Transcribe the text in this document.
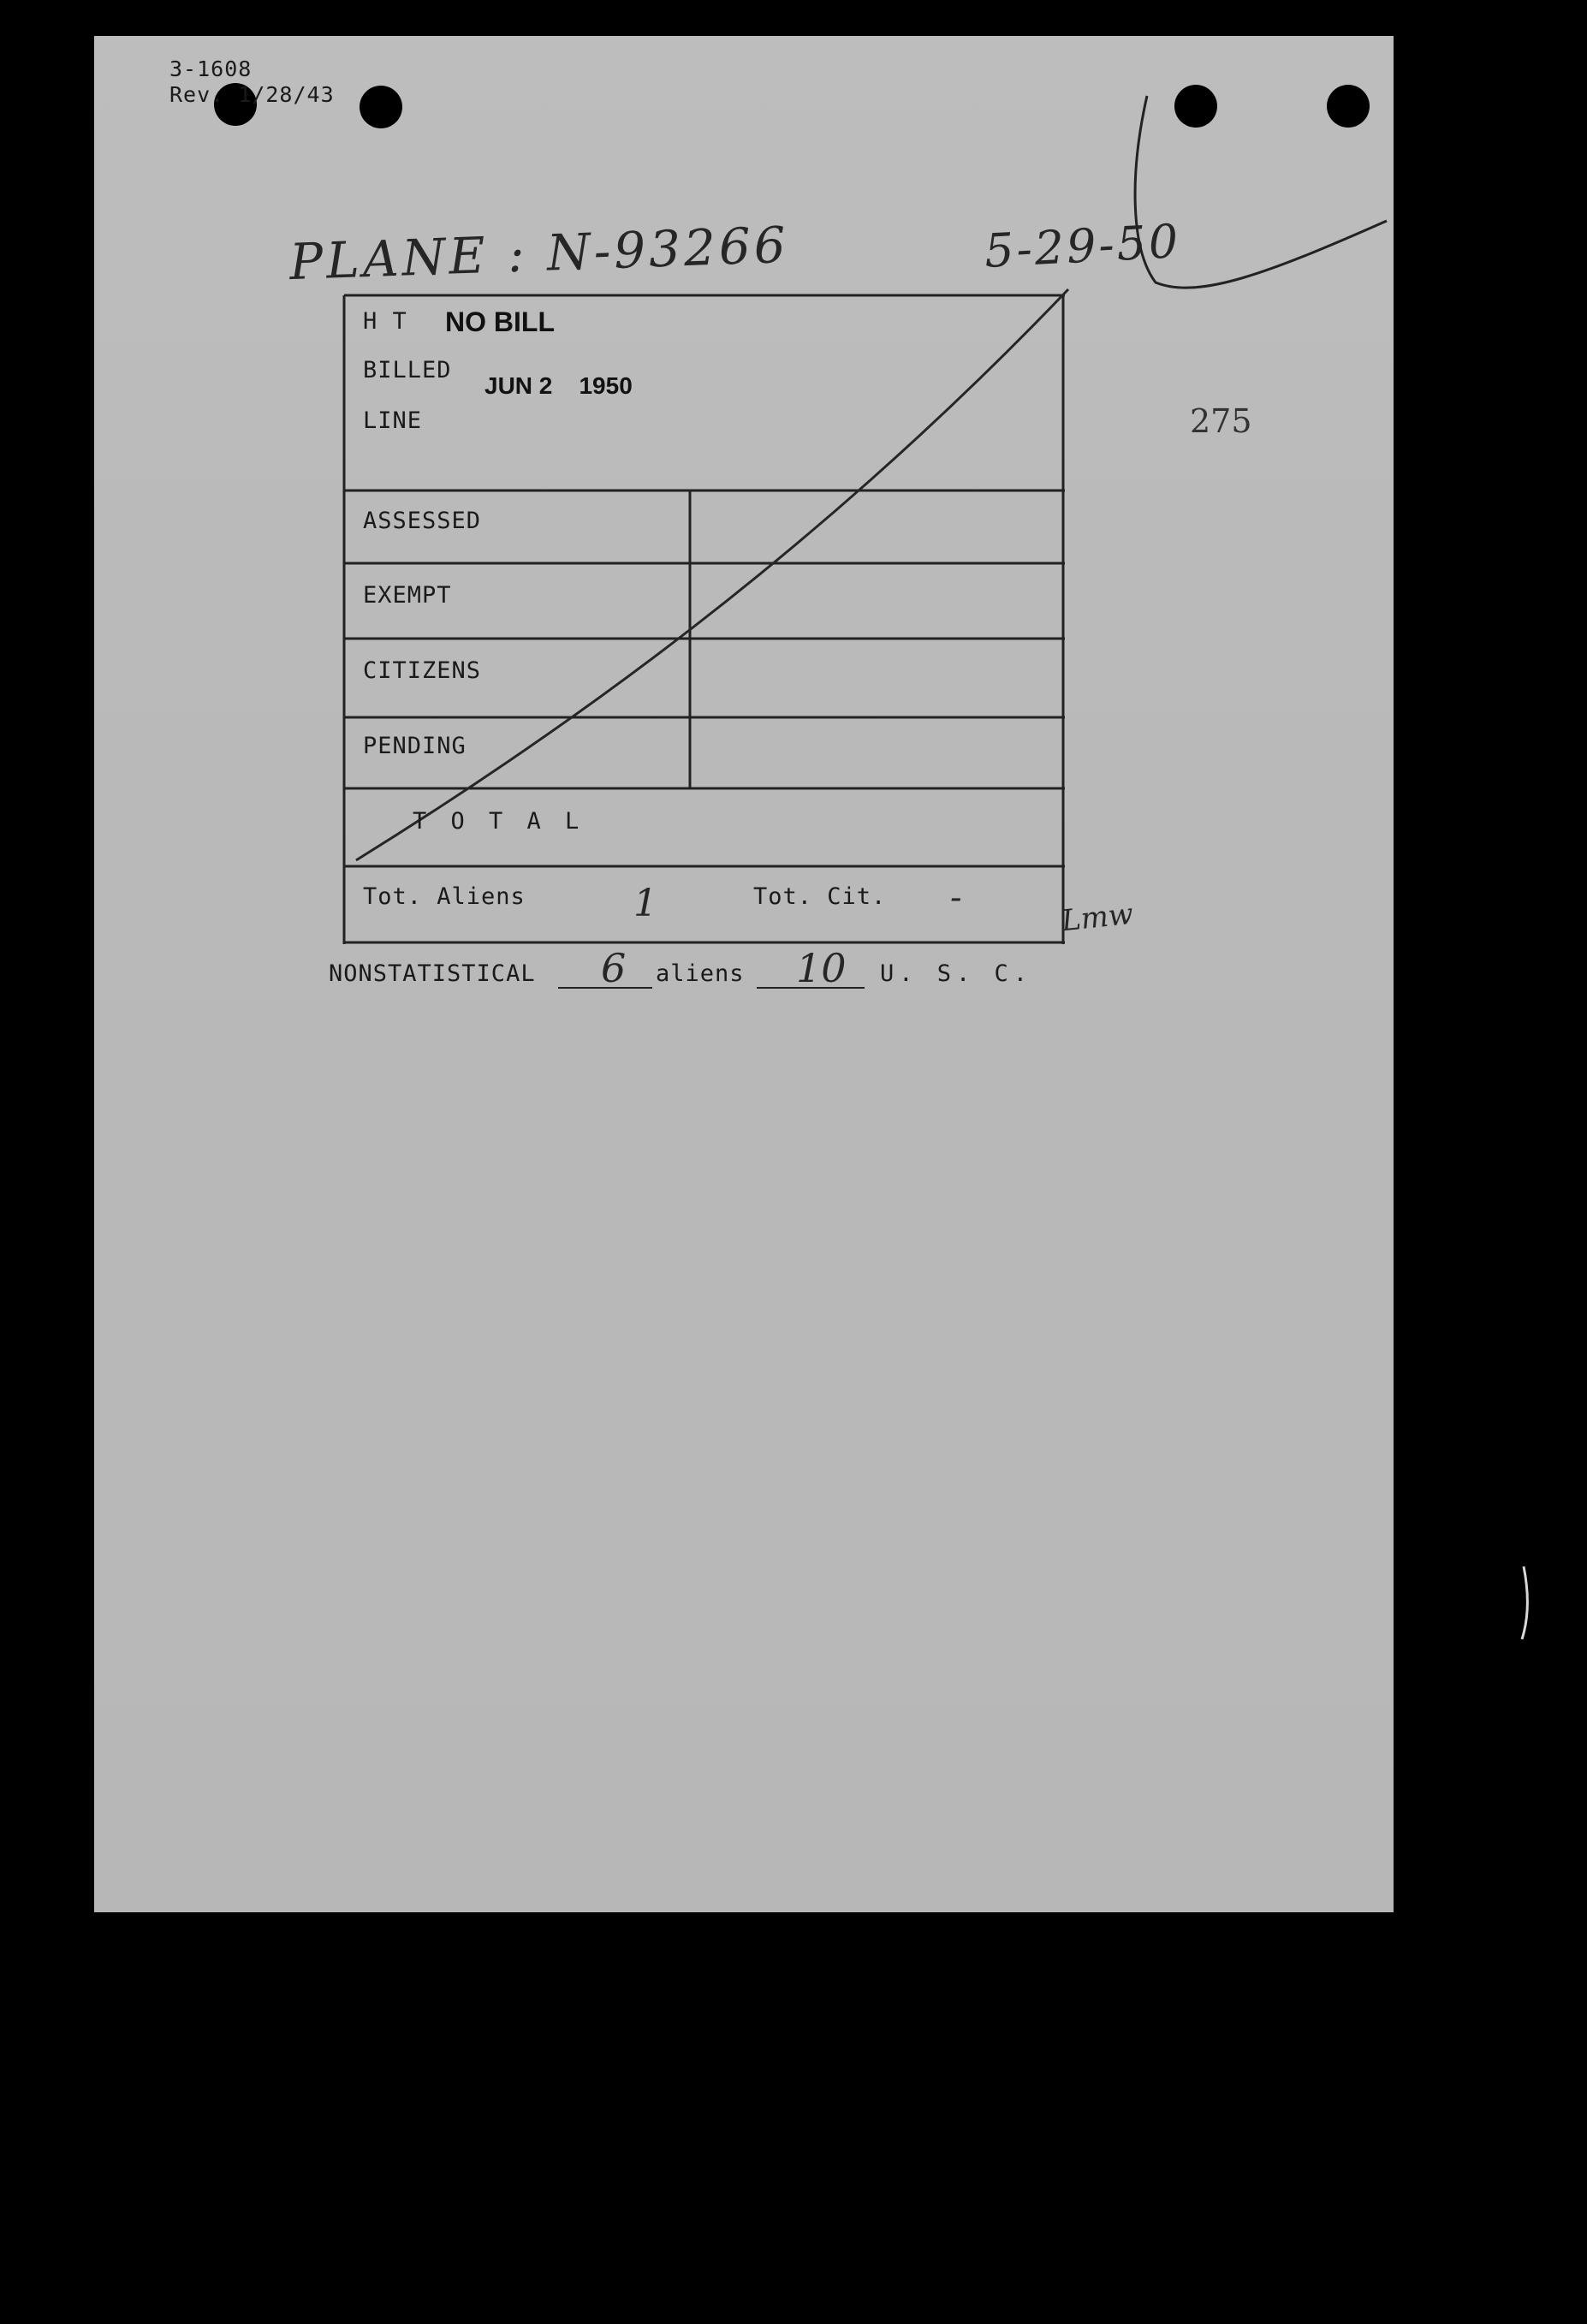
3-1608
Rev. 1/28/43
PLANE : N-93266	5-29-50
275
H T NO BILL
BILLED
JUN 2    1950
LINE
ASSESSED
EXEMPT
CITIZENS
PENDING
T O T A L
Tot. Aliens	1	Tot. Cit. -	Lmw
NONSTATISTICAL 6 aliens 10 U. S. C.
